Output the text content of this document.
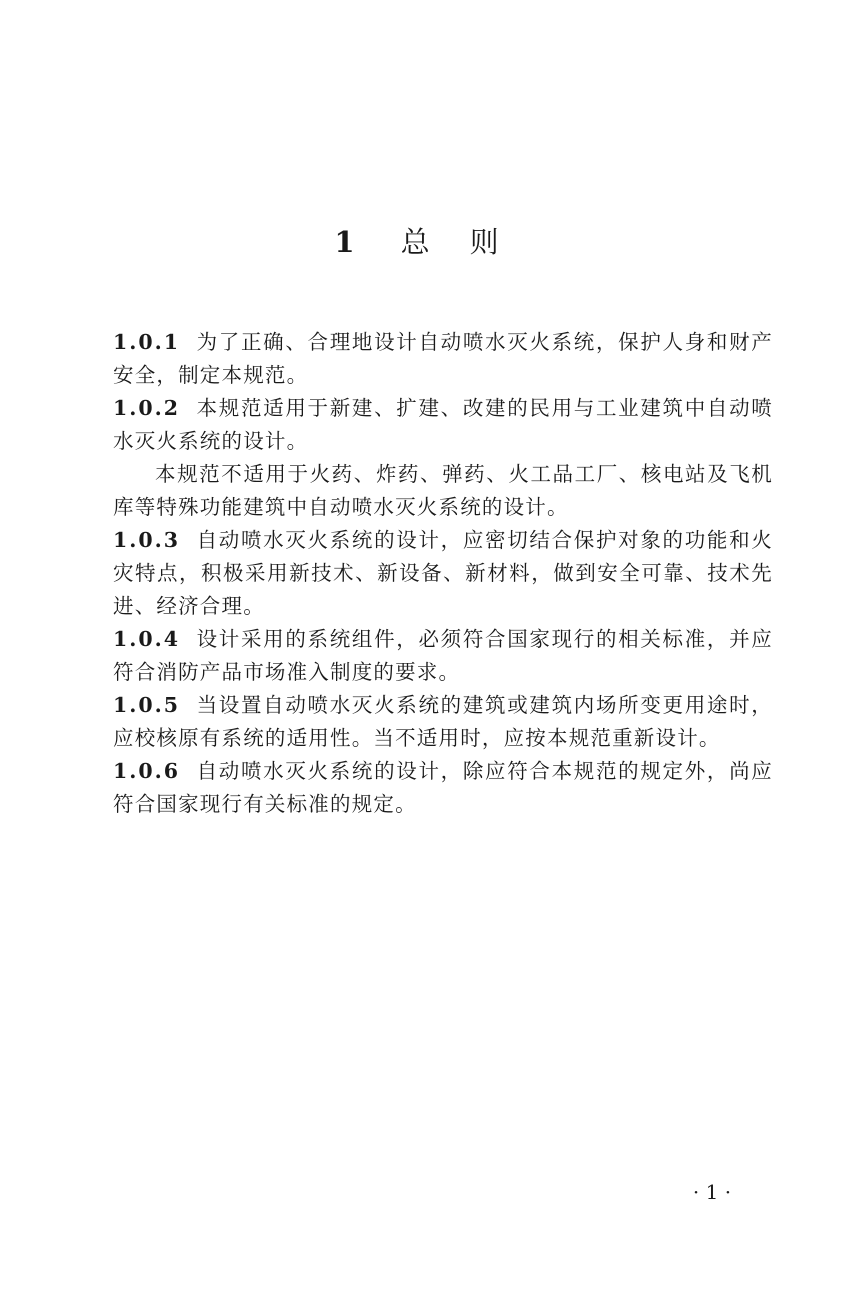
1 总 则

1.0.1 为了正确、合理地设计自动喷水灭火系统，保护人身和财产安全，制定本规范。

1.0.2 本规范适用于新建、扩建、改建的民用与工业建筑中自动喷水灭火系统的设计。

本规范不适用于火药、炸药、弹药、火工品工厂、核电站及飞机库等特殊功能建筑中自动喷水灭火系统的设计。

1.0.3 自动喷水灭火系统的设计，应密切结合保护对象的功能和火灾特点，积极采用新技术、新设备、新材料，做到安全可靠、技术先进、经济合理。

1.0.4 设计采用的系统组件，必须符合国家现行的相关标准，并应符合消防产品市场准入制度的要求。

1.0.5 当设置自动喷水灭火系统的建筑或建筑内场所变更用途时，应校核原有系统的适用性。当不适用时，应按本规范重新设计。

1.0.6 自动喷水灭火系统的设计，除应符合本规范的规定外，尚应符合国家现行有关标准的规定。

· 1 ·
